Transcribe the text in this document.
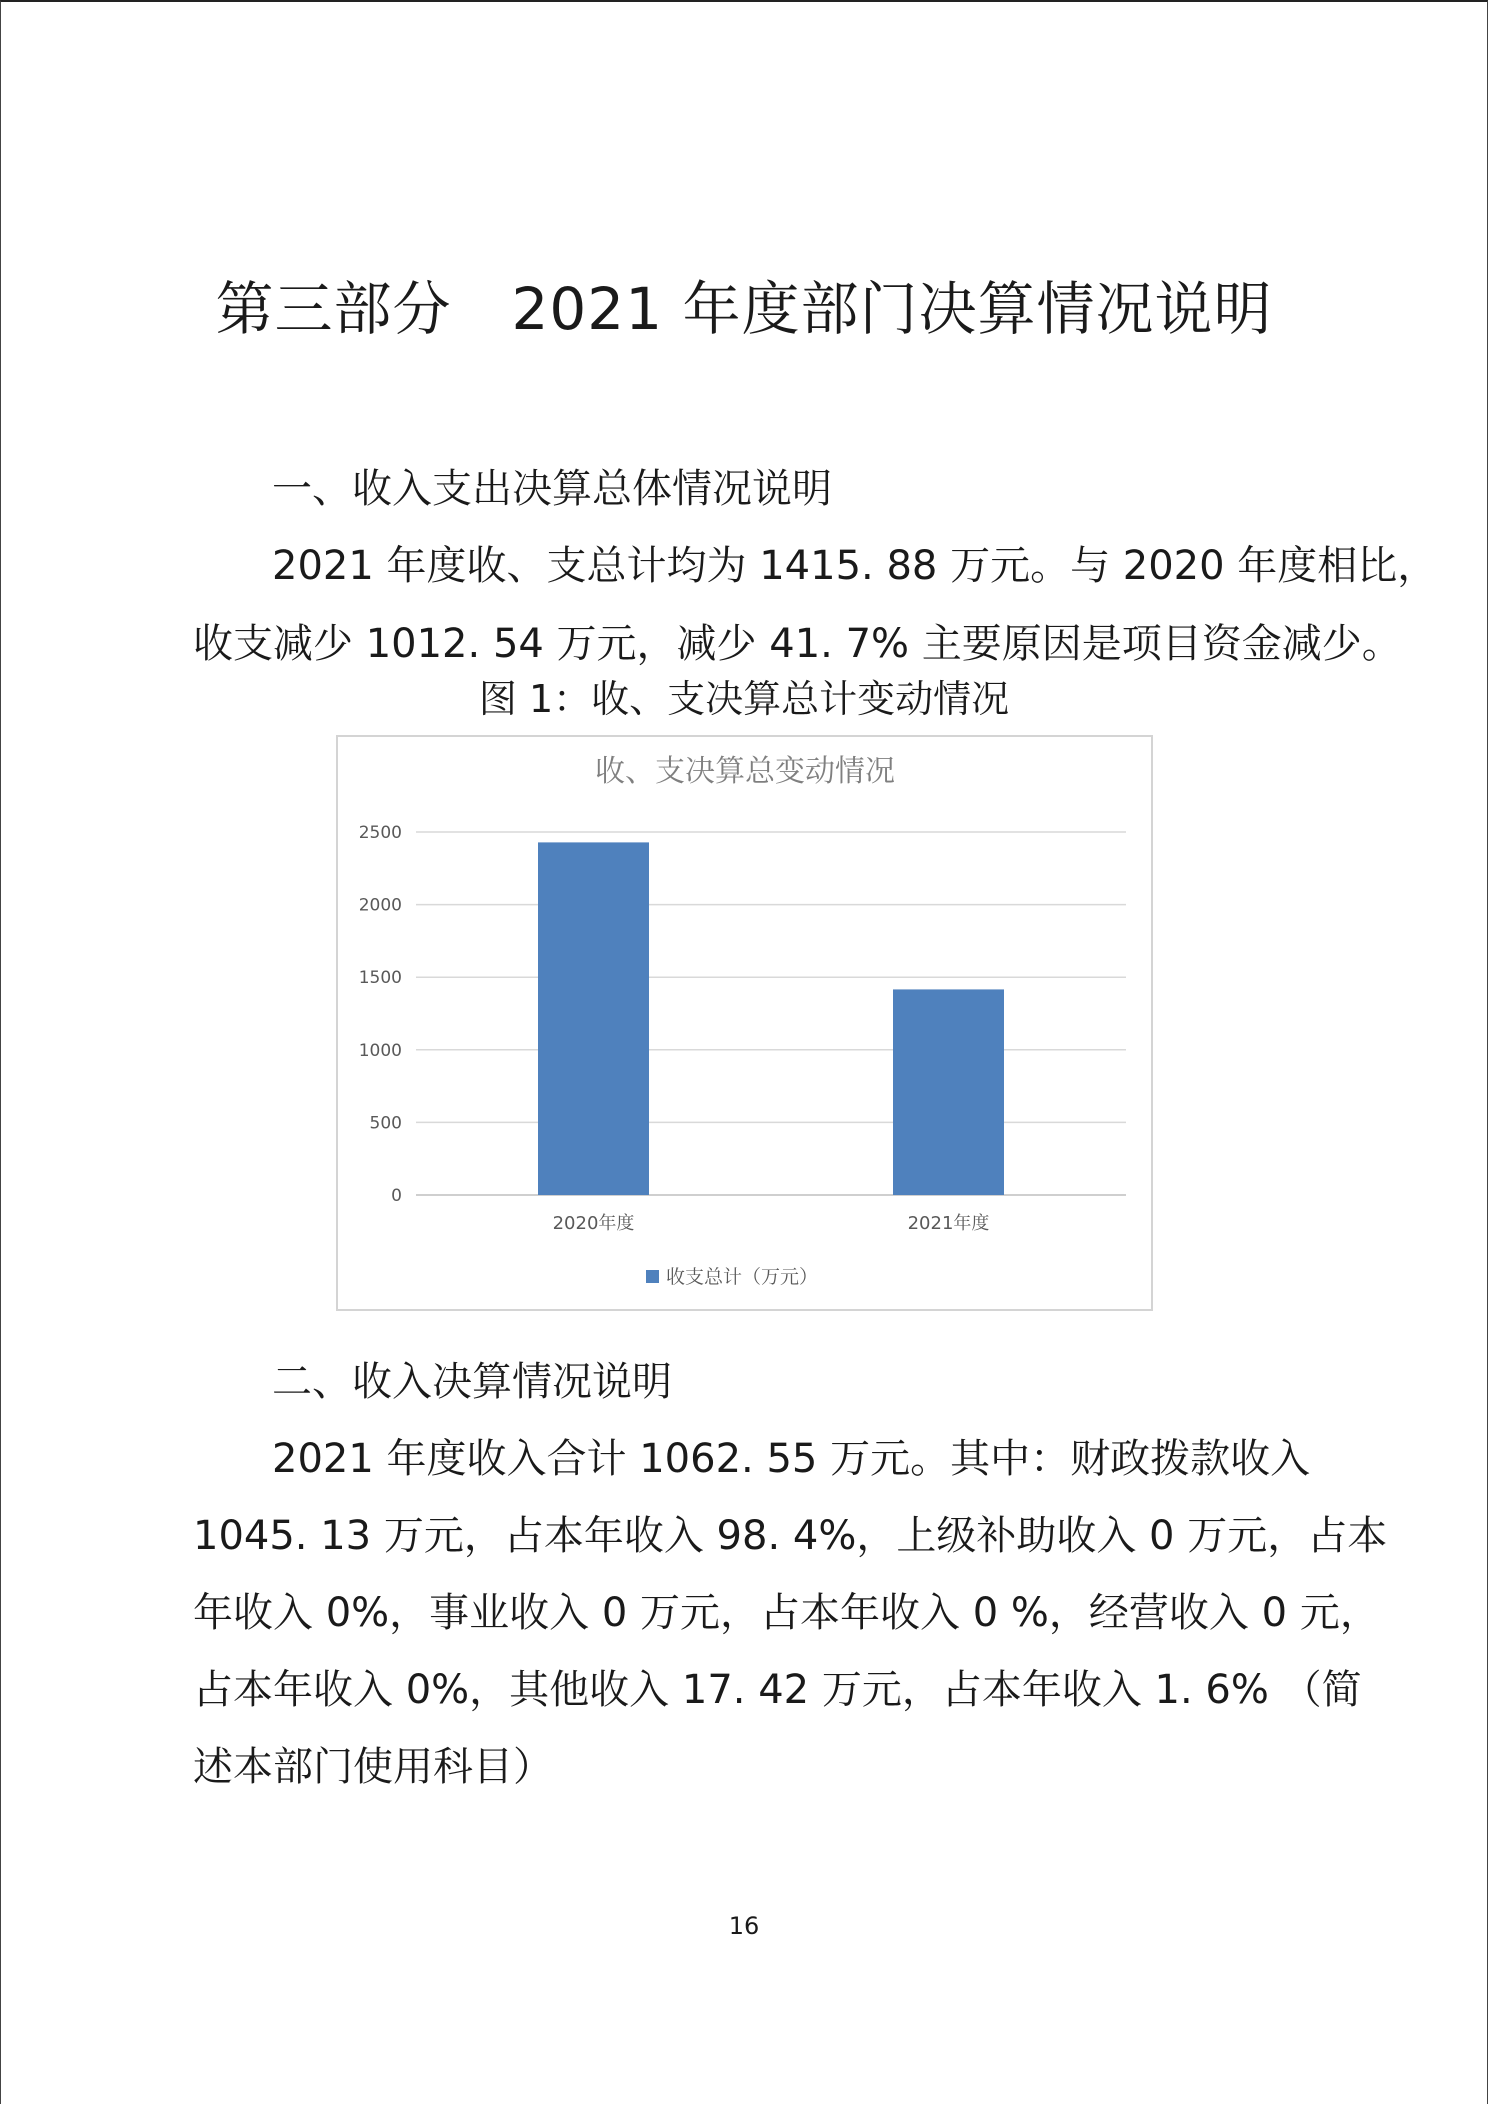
第三部分 2021 年度部门决算情况说明
一、收入支出决算总体情况说明
2021 年度收、支总计均为 1415. 88 万元。与 2020 年度相比，
收支减少 1012. 54 万元，减少 41. 7% 主要原因是项目资金减少。
图 1：收、支决算总计变动情况
收、支决算总变动情况
0
500
1000
1500
2000
2500
2020年度	2021年度
收支总计（万元）
二、收入决算情况说明
2021 年度收入合计 1062. 55 万元。其中：财政拨款收入
1045. 13 万元，占本年收入 98. 4%，上级补助收入 0 万元，占本
年收入 0%，事业收入 0 万元，占本年收入 0 %，经营收入 0 元，
占本年收入 0%，其他收入 17. 42 万元，占本年收入 1. 6% （简
述本部门使用科目）
16
